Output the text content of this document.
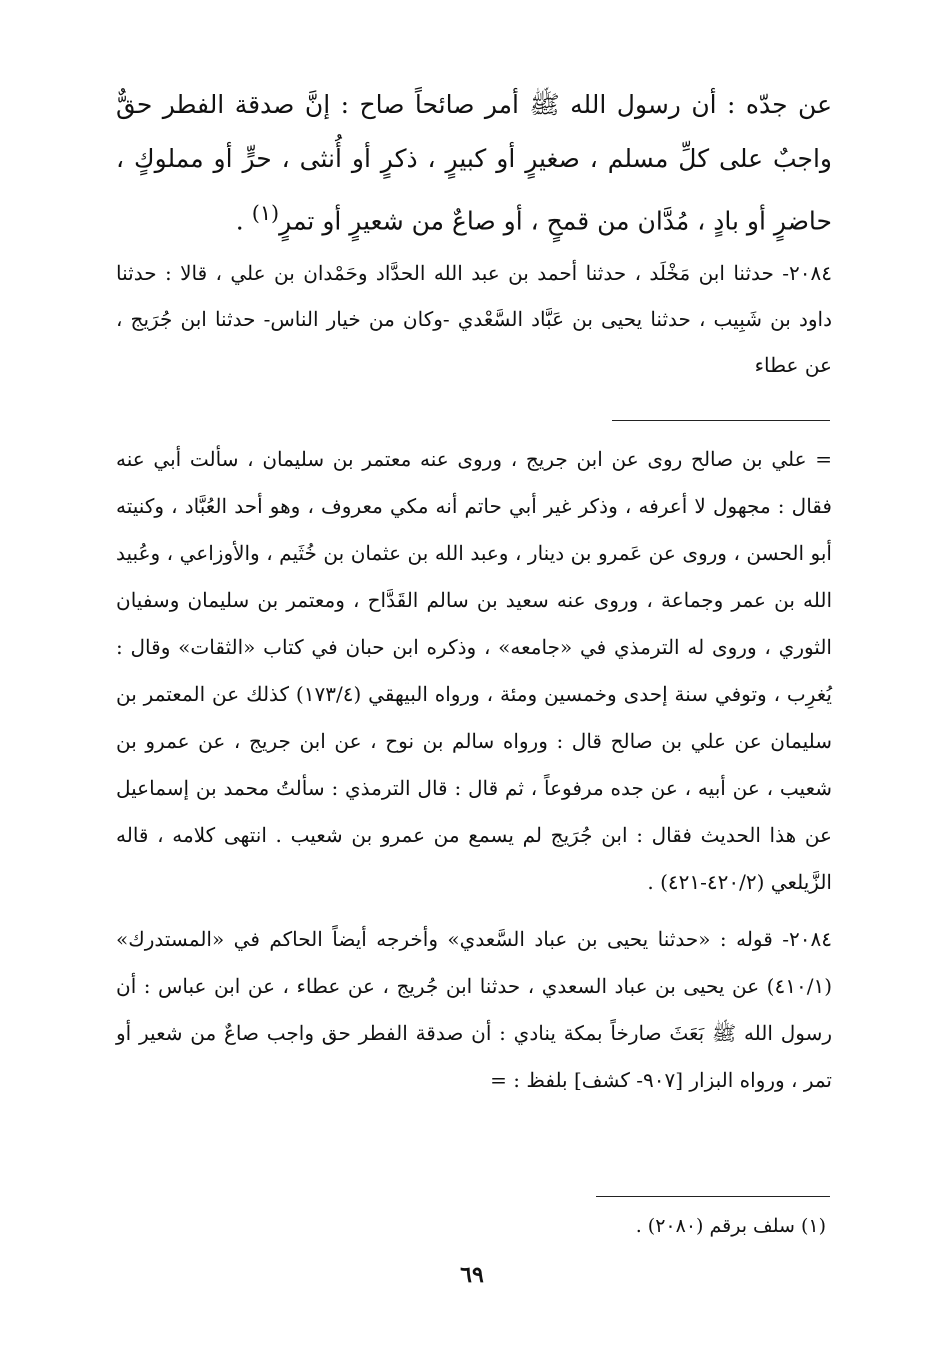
عن جدّه : أن رسول الله ﷺ أمر صائحاً صاح : إنَّ صدقة الفطر حقٌّ واجبٌ على كلِّ مسلم ، صغيرٍ أو كبيرٍ ، ذكرٍ أو أُنثى ، حرٍّ أو مملوكٍ ، حاضرٍ أو بادٍ ، مُدَّان من قمحٍ ، أو صاعٌ من شعيرٍ أو تمرٍ$^{(١)}$ .

٢٠٨٤- حدثنا ابن مَخْلَد ، حدثنا أحمد بن عبد الله الحدَّاد وحَمْدان بن علي ، قالا : حدثنا داود بن شَبِيب ، حدثنا يحيى بن عَبَّاد السَّعْدي -وكان من خيار الناس- حدثنا ابن جُرَيج ، عن عطاء

= علي بن صالح روى عن ابن جريج ، وروى عنه معتمر بن سليمان ، سألت أبي عنه فقال : مجهول لا أعرفه ، وذكر غير أبي حاتم أنه مكي معروف ، وهو أحد العُبَّاد ، وكنيته أبو الحسن ، وروى عن عَمرو بن دينار ، وعبد الله بن عثمان بن خُثَيم ، والأوزاعي ، وعُبيد الله بن عمر وجماعة ، وروى عنه سعيد بن سالم القَدَّاح ، ومعتمر بن سليمان وسفيان الثوري ، وروى له الترمذي في «جامعه» ، وذكره ابن حبان في كتاب «الثقات» وقال : يُغرِب ، وتوفي سنة إحدى وخمسين ومئة ، ورواه البيهقي (١٧٣/٤) كذلك عن المعتمر بن سليمان عن علي بن صالح قال : ورواه سالم بن نوح ، عن ابن جريج ، عن عمرو بن شعيب ، عن أبيه ، عن جده مرفوعاً ، ثم قال : قال الترمذي : سألتُ محمد بن إسماعيل عن هذا الحديث فقال : ابن جُرَيج لم يسمع من عمرو بن شعيب . انتهى كلامه ، قاله الزَّيلعي (٤٢٠/٢-٤٢١) .

٢٠٨٤- قوله : «حدثنا يحيى بن عباد السَّعدي» وأخرجه أيضاً الحاكم في «المستدرك» (٤١٠/١) عن يحيى بن عباد السعدي ، حدثنا ابن جُريج ، عن عطاء ، عن ابن عباس : أن رسول الله ﷺ بَعَثَ صارخاً بمكة ينادي : أن صدقة الفطر حق واجب صاعٌ من شعير أو تمر ، ورواه البزار [٩٠٧- كشف] بلفظ : =

(١) سلف برقم (٢٠٨٠) .

٦٩
